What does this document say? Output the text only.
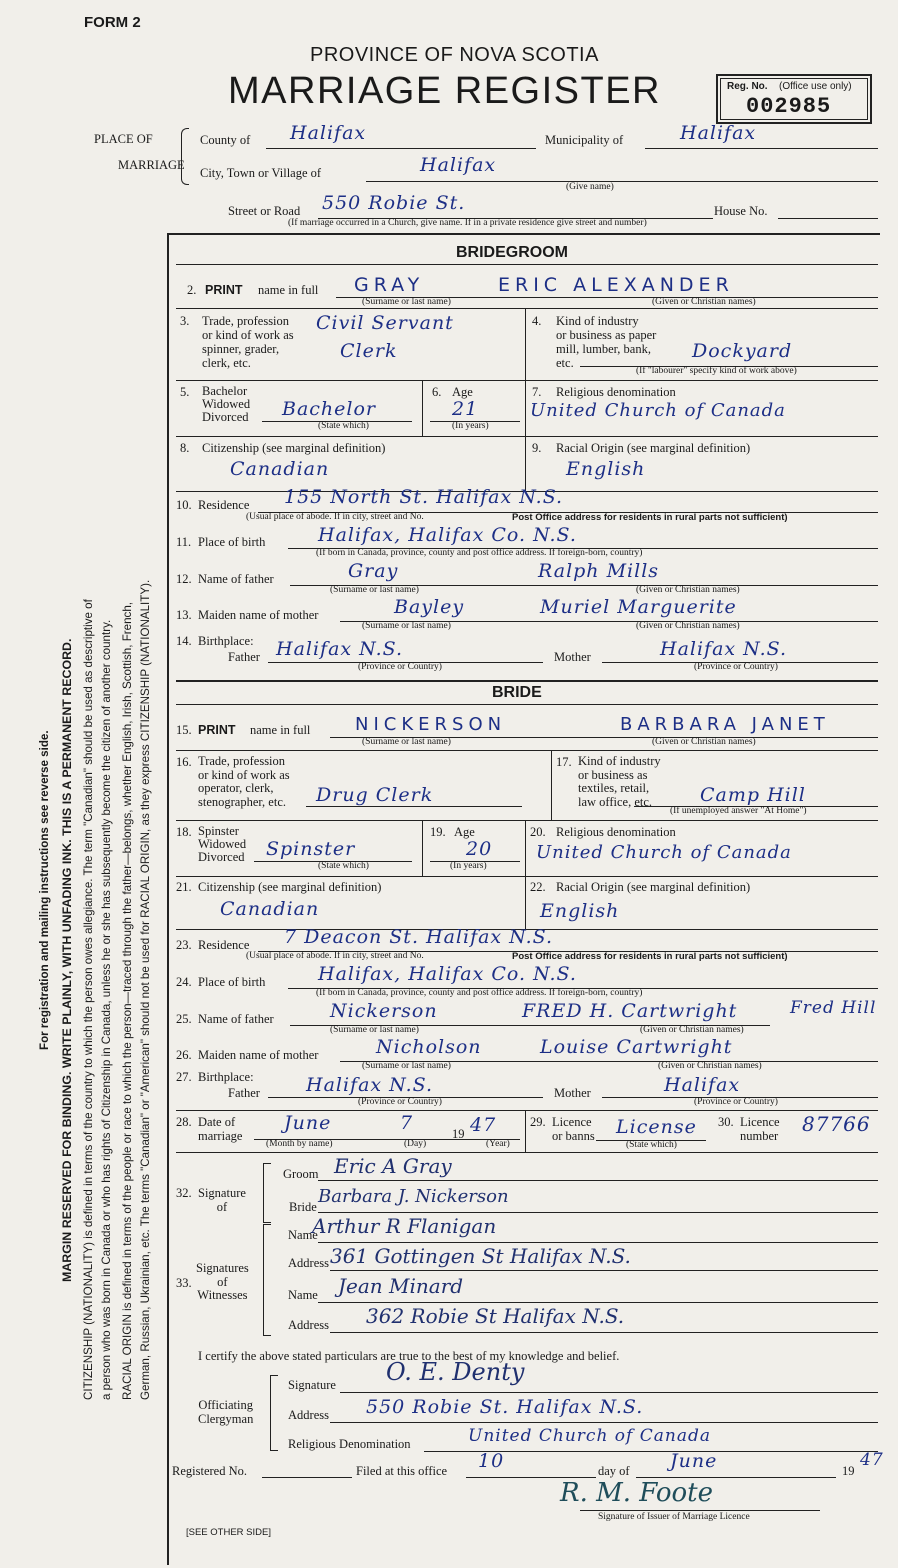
FORM 2
PROVINCE OF NOVA SCOTIA
MARRIAGE REGISTER	Reg. No. (Office use only)
002985
For registration and mailing instructions see reverse side. MARGIN RESERVED FOR BINDING. WRITE PLAINLY, WITH UNFADING INK. THIS IS A PERMANENT RECORD. CITIZENSHIP (NATIONALITY) is defined in terms of the country to which the person owes allegiance. The term "Canadian" should be used as descriptive of a person who was born in Canada or who has rights of Citizenship in Canada, unless he or she has subsequently become the citizen of another country. RACIAL ORIGIN is defined in terms of the people or race to which the person—traced through the father—belongs, whether English, Irish, Scottish, French, German, Russian, Ukrainian, etc. The terms "Canadian" or "American" should not be used for RACIAL ORIGIN, as they express CITIZENSHIP (NATIONALITY).
PLACE OF
MARRIAGE
County of Halifax	Municipality of	Halifax
City, Town or Village of	Halifax
(Give name)
Street or Road 550 Robie St.	House No.
(If marriage occurred in a Church, give name. If in a private residence give street and number)
BRIDEGROOM
2. PRINT name in full GRAY	ERIC ALEXANDER
(Surname or last name)	(Given or Christian names)
3. Trade, profession
or kind of work as
spinner, grader,
clerk, etc.
Civil Servant
Clerk
4. Kind of industry
or business as paper
mill, lumber, bank,
etc.
Dockyard
(If "labourer" specify kind of work above)
5. Bachelor
Widowed
Divorced Bachelor
(State which)
6. Age
21
(In years)
7. Religious denomination
United Church of Canada
8. Citizenship (see marginal definition)
Canadian
9. Racial Origin (see marginal definition)
English
10. Residence 155 North St. Halifax N.S.
(Usual place of abode. If in city, street and No.	Post Office address for residents in rural parts not sufficient)
11. Place of birth	Halifax, Halifax Co. N.S.
(If born in Canada, province, county and post office address. If foreign-born, country)
12. Name of father	Gray	Ralph Mills
(Surname or last name)	(Given or Christian names)
13. Maiden name of mother	Bayley	Muriel Marguerite
(Surname or last name)	(Given or Christian names)
14. Birthplace:
Father Halifax N.S.	Mother	Halifax N.S.
(Province or Country)	(Province or Country)
BRIDE
15. PRINT name in full NICKERSON	BARBARA JANET
(Surname or last name)	(Given or Christian names)
16. Trade, profession
or kind of work as
operator, clerk,
stenographer, etc. Drug Clerk
17. Kind of industry
or business as
textiles, retail,
law office, etc.	Camp Hill
(If unemployed answer "At Home")
18. Spinster
Widowed
Divorced Spinster
(State which)
19. Age
20
(In years)
20. Religious denomination
United Church of Canada
21. Citizenship (see marginal definition)
Canadian
22. Racial Origin (see marginal definition)
English
23. Residence 7 Deacon St. Halifax N.S.
(Usual place of abode. If in city, street and No.	Post Office address for residents in rural parts not sufficient)
24. Place of birth	Halifax, Halifax Co. N.S.
(If born in Canada, province, county and post office address. If foreign-born, country)
25. Name of father	Nickerson	FRED H. Cartwright	Fred Hill
(Surname or last name)	(Given or Christian names)
26. Maiden name of mother	Nicholson	Louise Cartwright
(Surname or last name)	(Given or Christian names)
27. Birthplace:
Father Halifax N.S.	Mother	Halifax
(Province or Country)	(Province or Country)
28. Date of
marriage
June	7	19 47
(Month by name)	(Day)	(Year)
29. Licence
or banns License
(State which)
30. Licence
number 87766
32. Signature
of
Groom Eric A Gray
Bride Barbara J. Nickerson
33.
Signatures
of
Witnesses
Name
Arthur R Flanigan
Address 361 Gottingen St Halifax N.S.
Name Jean Minard
Address 362 Robie St Halifax N.S.
I certify the above stated particulars are true to the best of my knowledge and belief.
Officiating
Clergyman
Signature O. E. Denty
Address 550 Robie St. Halifax N.S.
Religious Denomination	United Church of Canada
Registered No.	Filed at this office 10	day of June	19
47
R. M. Foote
Signature of Issuer of Marriage Licence
[SEE OTHER SIDE]
